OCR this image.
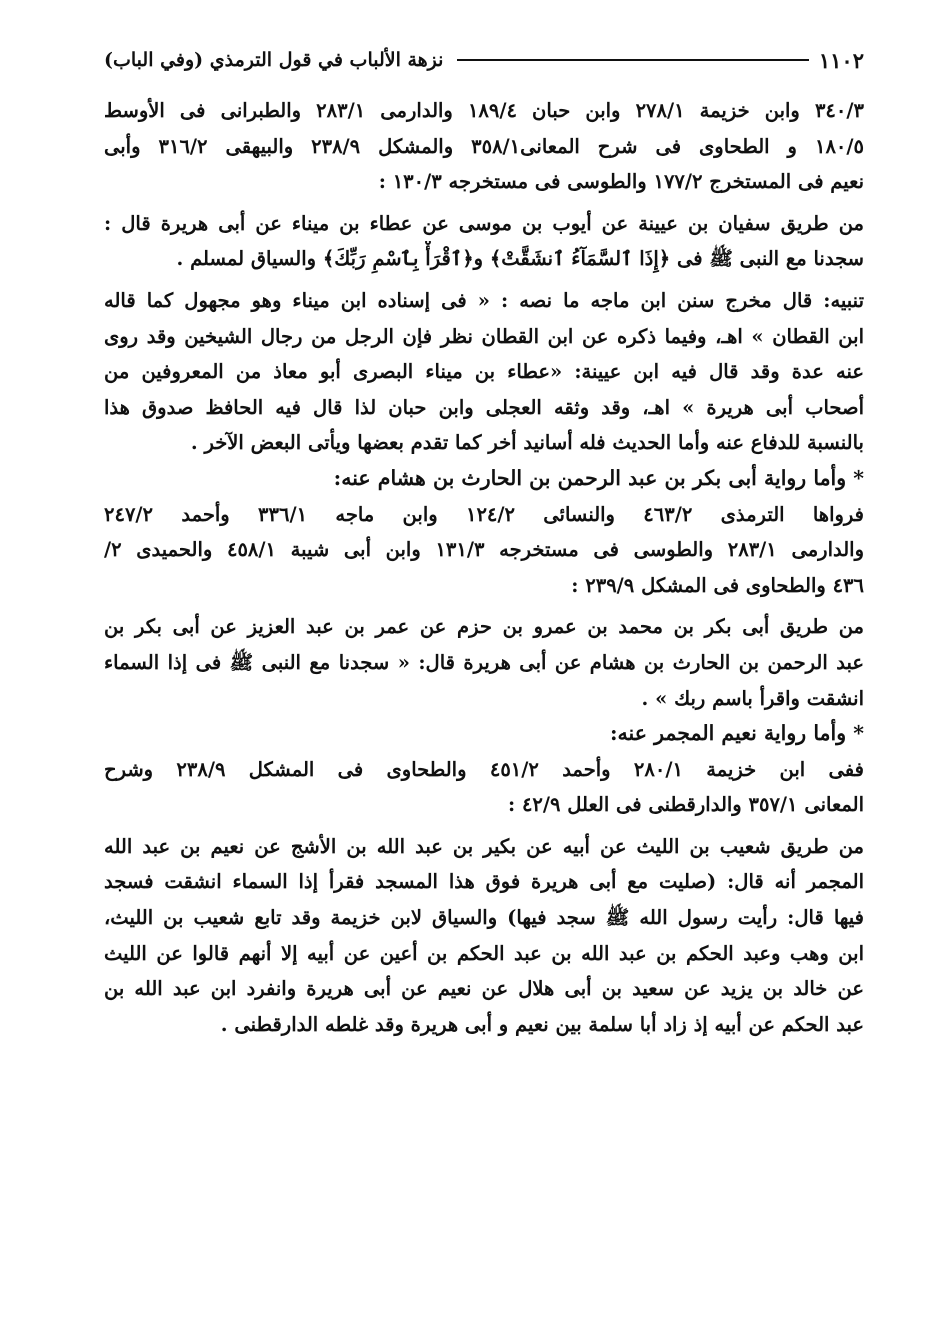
١١٠٢
نزهة الألباب في قول الترمذي (وفي الباب)
٣٤٠/٣ وابن خزيمة ٢٧٨/١ وابن حبان ١٨٩/٤ والدارمى ٢٨٣/١ والطبرانى فى الأوسط
١٨٠/٥ و الطحاوى فى شرح المعانى٣٥٨/١ والمشكل ٢٣٨/٩ والبيهقى ٣١٦/٢ وأبى
نعيم فى المستخرج ١٧٧/٢ والطوسى فى مستخرجه ١٣٠/٣ :
من طريق سفيان بن عيينة عن أيوب بن موسى عن عطاء بن ميناء عن أبى هريرة قال :
سجدنا مع النبى ﷺ فى ﴿إِذَا ٱلسَّمَآءُ ٱنشَقَّتْ﴾ و﴿ٱقْرَأْ بِٱسْمِ رَبِّكَ﴾ والسياق لمسلم .
تنبيه: قال مخرج سنن ابن ماجه ما نصه : « فى إسناده ابن ميناء وهو مجهول كما قاله
ابن القطان » اهـ، وفيما ذكره عن ابن القطان نظر فإن الرجل من رجال الشيخين وقد روى
عنه عدة وقد قال فيه ابن عيينة: «عطاء بن ميناء البصرى أبو معاذ من المعروفين من
أصحاب أبى هريرة » اهـ، وقد وثقه العجلى وابن حبان لذا قال فيه الحافظ صدوق هذا
بالنسبة للدفاع عنه وأما الحديث فله أسانيد أخر كما تقدم بعضها ويأتى البعض الآخر .
* وأما رواية أبى بكر بن عبد الرحمن بن الحارث بن هشام عنه:
فرواها الترمذى ٤٦٣/٢ والنسائى ١٢٤/٢ وابن ماجه ٣٣٦/١ وأحمد ٢٤٧/٢
والدارمى ٢٨٣/١ والطوسى فى مستخرجه ١٣١/٣ وابن أبى شيبة ٤٥٨/١ والحميدى ٢/
٤٣٦ والطحاوى فى المشكل ٢٣٩/٩ :
من طريق أبى بكر بن محمد بن عمرو بن حزم عن عمر بن عبد العزيز عن أبى بكر بن
عبد الرحمن بن الحارث بن هشام عن أبى هريرة قال: « سجدنا مع النبى ﷺ فى إذا السماء
انشقت واقرأ باسم ربك » .
* وأما رواية نعيم المجمر عنه:
ففى ابن خزيمة ٢٨٠/١ وأحمد ٤٥١/٢ والطحاوى فى المشكل ٢٣٨/٩ وشرح
المعانى ٣٥٧/١ والدارقطنى فى العلل ٤٢/٩ :
من طريق شعيب بن الليث عن أبيه عن بكير بن عبد الله بن الأشج عن نعيم بن عبد الله
المجمر أنه قال: (صليت مع أبى هريرة فوق هذا المسجد فقرأ إذا السماء انشقت فسجد
فيها قال: رأيت رسول الله ﷺ سجد فيها) والسياق لابن خزيمة وقد تابع شعيب بن الليث،
ابن وهب وعبد الحكم بن عبد الله بن عبد الحكم بن أعين عن أبيه إلا أنهم قالوا عن الليث
عن خالد بن يزيد عن سعيد بن أبى هلال عن نعيم عن أبى هريرة وانفرد ابن عبد الله بن
عبد الحكم عن أبيه إذ زاد أبا سلمة بين نعيم و أبى هريرة وقد غلطه الدارقطنى .
